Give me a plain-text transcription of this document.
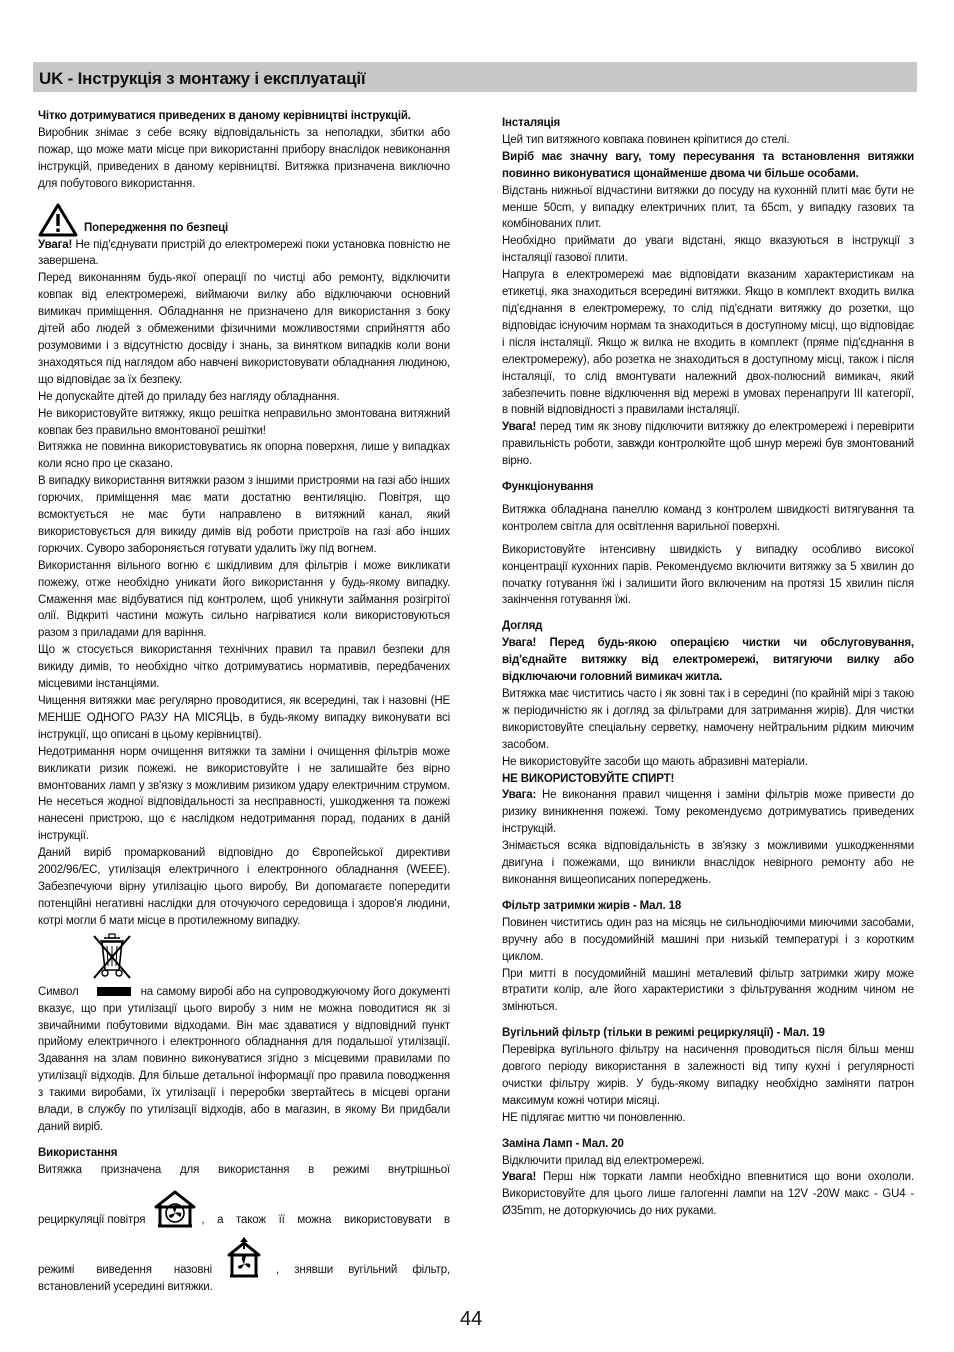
UK - Інструкція з монтажу і експлуатації

Чітко дотримуватися приведених в даному керівництві інструкцій.

Виробник знімає з себе всяку відповідальність за неполадки, збитки або пожар, що може мати місце при використанні прибору внаслідок невиконання інструкцій, приведених в даному керівництві. Витяжка призначена виключно для побутового використання.

Попередження по безпеці

Увага! Не під'єднувати пристрій до електромережі поки установка повністю не завершена.

Перед виконанням будь-якої операції по чистці або ремонту, відключити ковпак від електромережі, виймаючи вилку або відключаючи основний вимикач приміщення. Обладнання не призначено для використання з боку дітей або людей з обмеженими фізичними можливостями сприйняття або розумовими і з відсутністю досвіду і знань, за винятком випадків коли вони знаходяться під наглядом або навчені використовувати обладнання людиною, що відповідає за їх безпеку.

Не допускайте дітей до приладу без нагляду обладнання.

Не використовуйте витяжку, якщо решітка неправильно змонтована витяжний ковпак без правильно вмонтованої решітки!

Витяжка не повинна використовуватись як опорна поверхня, лише у випадках коли ясно про це сказано.

В випадку використання витяжки разом з іншими пристроями на газі або інших горючих, приміщення має мати достатню вентиляцію. Повітря, що всмоктується не має бути направлено в витяжний канал, який використовується для викиду димів від роботи пристроїв на газі або інших горючих. Суворо забороняється готувати удалить їжу під вогнем.

Використання вільного вогню є шкідливим для фільтрів і може викликати пожежу, отже необхідно уникати його використання у будь-якому випадку. Смаження має відбуватися під контролем, щоб уникнути займання розігрітої олії. Відкриті частини можуть сильно нагріватися коли використовуються разом з приладами для варіння.

Що ж стосується використання технічних правил та правил безпеки для викиду димів, то необхідно чітко дотримуватись нормативів, передбачених місцевими інстанціями.

Чищення витяжки має регулярно проводитися, як всередині, так і назовні (НЕ МЕНШЕ ОДНОГО РАЗУ НА МІСЯЦЬ, в будь-якому випадку виконувати всі інструкції, що описані в цьому керівництві).

Недотримання норм очищення витяжки та заміни і очищення фільтрів може викликати ризик пожежі. не використовуйте і не залишайте без вірно вмонтованих ламп у зв'язку з можливим ризиком удару електричним струмом. Не несеться жодної відповідальності за несправності, ушкодження та пожежі нанесені пристрою, що є наслідком недотримання порад, поданих в даній інструкції.

Даний виріб промаркований відповідно до Європейської директиви 2002/96/EC, утилізація електричного і електронного обладнання (WEEE). Забезпечуючи вірну утилізацію цього виробу, Ви допомагаєте попередити потенційні негативні наслідки для оточуючого середовища і здоров'я людини, котрі могли б мати місце в протилежному випадку.

Символ	на самому виробі або на супроводжуючому його документі вказує, що при утилізації цього виробу з ним не можна поводитися як зі звичайними побутовими відходами. Він має здаватися у відповідний пункт прийому електричного і електронного обладнання для подальшої утилізації. Здавання на злам повинно виконуватися згідно з місцевими правилами по утилізації відходів. Для більше детальної інформації про правила поводження з такими виробами, їх утилізації і переробки звертайтесь в місцеві органи влади, в службу по утилізації відходів, або в магазин, в якому Ви придбали даний виріб.

Використання

Витяжка призначена для використання в режимі внутрішньої

рециркуляції повітря	, а також її можна використовувати в
режимі виведення назовні	, знявши вугільний фільтр,

встановлений усередині витяжки.

Інсталяція

Цей тип витяжного ковпака повинен кріпитися до стелі.

Виріб має значну вагу, тому пересування та встановлення витяжки повинно виконуватися щонайменше двома чи більше особами.

Відстань нижньої відчастини витяжки до посуду на кухонній плиті має бути не менше 50cm, у випадку електричних плит, та 65cm, у випадку газових та комбінованих плит.

Необхідно приймати до уваги відстані, якщо вказуються в інструкції з інсталяції газової плити.

Напруга в електромережі має відповідати вказаним характеристикам на етикетці, яка знаходиться всередині витяжки. Якщо в комплект входить вилка під'єднання в електромережу, то слід під'єднати витяжку до розетки, що відповідає існуючим нормам та знаходиться в доступному місці, що відповідає і після інсталяції. Якщо ж вилка не входить в комплект (пряме під'єднання в електромережу), або розетка не знаходиться в доступному місці, також і після інсталяції, то слід вмонтувати належний двох-полюсний вимикач, який забезпечить повне відключення від мережі в умовах перенапруги III категорії, в повній відповідності з правилами інсталяції.

Увага! перед тим як знову підключити витяжку до електромережі і перевірити правильність роботи, завжди контролюйте щоб шнур мережі був змонтований вірно.

Функціонування

Витяжка обладнана панеллю команд з контролем швидкості витягування та контролем світла для освітлення варильної поверхні.

Використовуйте інтенсивну швидкість у випадку особливо високої концентрації кухонних парів. Рекомендуємо включити витяжку за 5 хвилин до початку готування їжі і залишити його включеним на протязі 15 хвилин після закінчення готування їжі.

Догляд

Увага! Перед будь-якою операцією чистки чи обслуговування, від'єднайте витяжку від електромережі, витягуючи вилку або відключаючи головний вимикач житла.

Витяжка має чиститись часто і як зовні так і в середині (по крайній мірі з такою ж періодичністю як і догляд за фільтрами для затримання жирів). Для чистки використовуйте спеціальну серветку, намочену нейтральним рідким миючим засобом.

Не використовуйте засоби що мають абразивні матеріали.

НЕ ВИКОРИСТОВУЙТЕ СПИРТ!

Увага: Не виконання правил чищення і заміни фільтрів може привести до ризику виникнення пожежі. Тому рекомендуємо дотримуватись приведених інструкцій.

Знімається всяка відповідальність в зв'язку з можливими ушкодженнями двигуна і пожежами, що виникли внаслідок невірного ремонту або не виконання вищеописаних попереджень.

Фільтр затримки жирів - Мал. 18

Повинен чиститись один раз на місяць не сильнодіючими миючими засобами, вручну або в посудомийній машині при низькій температурі і з коротким циклом.

При митті в посудомийній машині металевий фільтр затримки жиру може втратити колір, але його характеристики з фільтрування жодним чином не змінються.

Вугільний фільтр (тільки в режимі рециркуляції) - Мал. 19

Перевірка вугільного фільтру на насичення проводиться після більш менш довгого періоду використання в залежності від типу кухні і регулярності очистки фільтру жирів. У будь-якому випадку необхідно заміняти патрон максимум кожні чотири місяці.

НЕ підлягає миттю чи поновленню.

Заміна Ламп - Мал. 20

Відключити прилад від електромережі.

Увага! Перш ніж торкати лампи необхідно впевнитися що вони охололи. Використовуйте для цього лише галогенні лампи на 12V -20W макс - GU4 - Ø35mm, не доторкуючись до них руками.

44
